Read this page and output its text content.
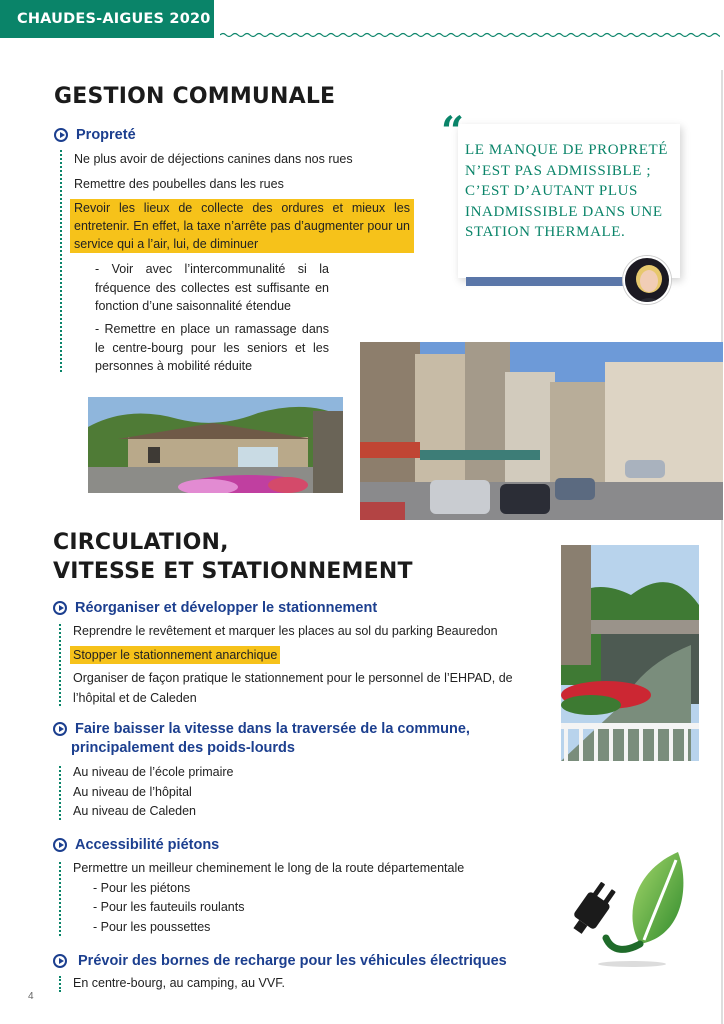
CHAUDES-AIGUES 2020
GESTION COMMUNALE
Propreté
Ne plus avoir de déjections canines dans nos rues
Remettre des poubelles dans les rues
Revoir les lieux de collecte des ordures et mieux les entretenir. En effet, la taxe n’arrête pas d’augmenter pour un service qui a l’air, lui, de diminuer
- Voir avec l’intercommunalité si la fréquence des collectes est suffisante en fonction d’une saisonnalité étendue
- Remettre en place un ramassage dans le centre-bourg pour les seniors et les personnes à mobilité réduite
“ LE MANQUE DE PROPRETÉ N’EST PAS ADMISSIBLE ; C’EST D’AUTANT PLUS INADMISSIBLE DANS UNE STATION THERMALE.
CIRCULATION,
VITESSE ET STATIONNEMENT
Réorganiser et développer le stationnement
Reprendre le revêtement et marquer les places au sol du parking Beauredon
Stopper le stationnement anarchique
Organiser de façon pratique le stationnement pour le personnel de l’EHPAD, de l’hôpital et de Caleden
Faire baisser la vitesse dans la traversée de la commune,
principalement des poids-lourds
Au niveau de l’école primaire
Au niveau de l’hôpital
Au niveau de Caleden
Accessibilité piétons
Permettre un meilleur cheminement le long de la route départementale
- Pour les piétons
- Pour les fauteuils roulants
- Pour les poussettes
Prévoir des bornes de recharge pour les véhicules électriques
En centre-bourg, au camping, au VVF.
4
